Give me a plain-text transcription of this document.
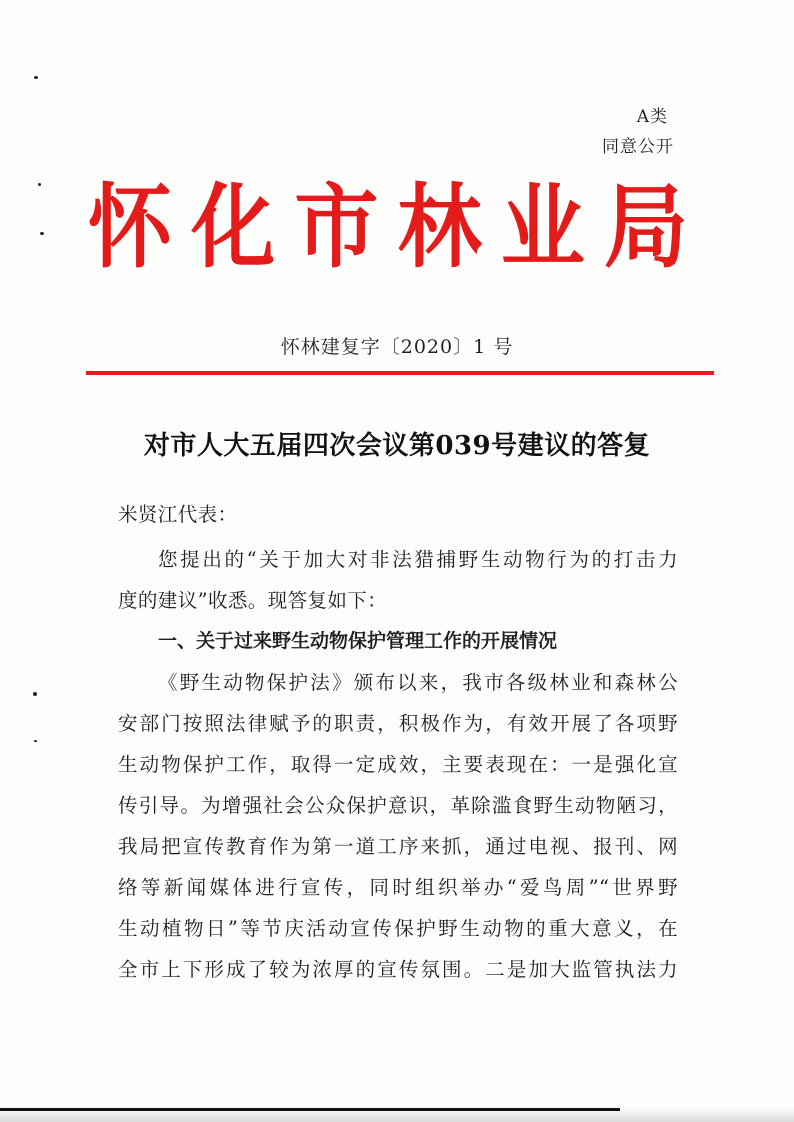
A类
同意公开
怀 化 市 林 业 局
怀林建复字〔2020〕1 号
对市人大五届四次会议第039号建议的答复
米贤江代表：
您提出的“关于加大对非法猎捕野生动物行为的打击力
度的建议”收悉。现答复如下：
一、关于过来野生动物保护管理工作的开展情况
《野生动物保护法》颁布以来，我市各级林业和森林公
安部门按照法律赋予的职责，积极作为，有效开展了各项野
生动物保护工作，取得一定成效，主要表现在：一是强化宣
传引导。为增强社会公众保护意识，革除滥食野生动物陋习，
我局把宣传教育作为第一道工序来抓，通过电视、报刊、网
络等新闻媒体进行宣传，同时组织举办“爱鸟周”“世界野
生动植物日”等节庆活动宣传保护野生动物的重大意义，在
全市上下形成了较为浓厚的宣传氛围。二是加大监管执法力
